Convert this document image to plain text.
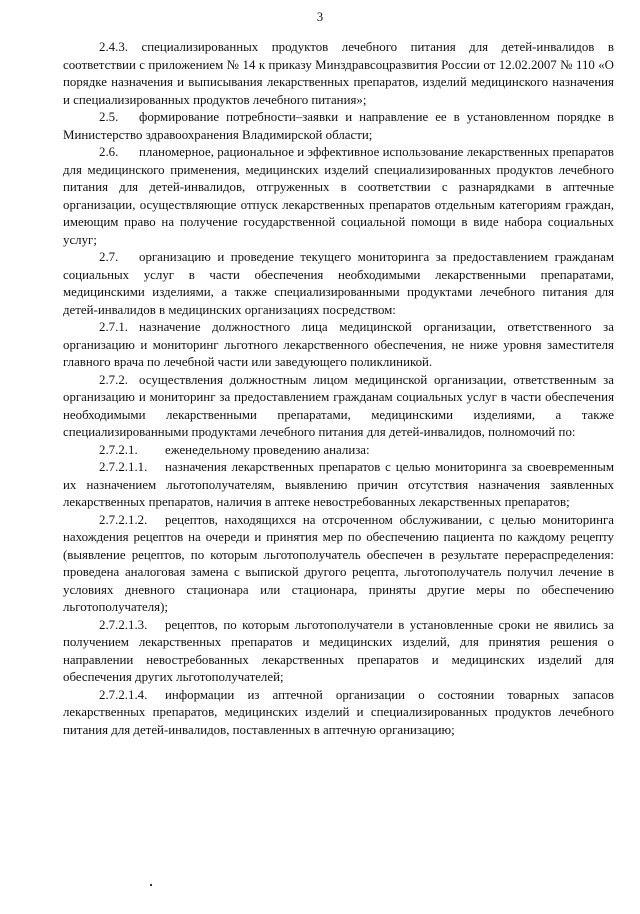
3

2.4.3. специализированных продуктов лечебного питания для детей-инвалидов в соответствии с приложением № 14 к приказу Минздравсоцразвития России от 12.02.2007 № 110 «О порядке назначения и выписывания лекарственных препаратов, изделий медицинского назначения и специализированных продуктов лечебного питания»;

2.5. формирование потребности–заявки и направление ее в установленном порядке в Министерство здравоохранения Владимирской области;

2.6. планомерное, рациональное и эффективное использование лекарственных препаратов для медицинского применения, медицинских изделий специализированных продуктов лечебного питания для детей-инвалидов, отгруженных в соответствии с разнарядками в аптечные организации, осуществляющие отпуск лекарственных препаратов отдельным категориям граждан, имеющим право на получение государственной социальной помощи в виде набора социальных услуг;

2.7. организацию и проведение текущего мониторинга за предоставлением гражданам социальных услуг в части обеспечения необходимыми лекарственными препаратами, медицинскими изделиями, а также специализированными продуктами лечебного питания для детей-инвалидов в медицинских организациях посредством:

2.7.1. назначение должностного лица медицинской организации, ответственного за организацию и мониторинг льготного лекарственного обеспечения, не ниже уровня заместителя главного врача по лечебной части или заведующего поликлиникой.

2.7.2. осуществления должностным лицом медицинской организации, ответственным за организацию и мониторинг за предоставлением гражданам социальных услуг в части обеспечения необходимыми лекарственными препаратами, медицинскими изделиями, а также специализированными продуктами лечебного питания для детей-инвалидов, полномочий по:

2.7.2.1. еженедельному проведению анализа:

2.7.2.1.1. назначения лекарственных препаратов с целью мониторинга за своевременным их назначением льготополучателям, выявлению причин отсутствия назначения заявленных лекарственных препаратов, наличия в аптеке невостребованных лекарственных препаратов;

2.7.2.1.2. рецептов, находящихся на отсроченном обслуживании, с целью мониторинга нахождения рецептов на очереди и принятия мер по обеспечению пациента по каждому рецепту (выявление рецептов, по которым льготополучатель обеспечен в результате перераспределения: проведена аналоговая замена с выпиской другого рецепта, льготополучатель получил лечение в условиях дневного стационара или стационара, приняты другие меры по обеспечению льготополучателя);

2.7.2.1.3. рецептов, по которым льготополучатели в установленные сроки не явились за получением лекарственных препаратов и медицинских изделий, для принятия решения о направлении невостребованных лекарственных препаратов и медицинских изделий для обеспечения других льготополучателей;

2.7.2.1.4. информации из аптечной организации о состоянии товарных запасов лекарственных препаратов, медицинских изделий и специализированных продуктов лечебного питания для детей-инвалидов, поставленных в аптечную организацию;
